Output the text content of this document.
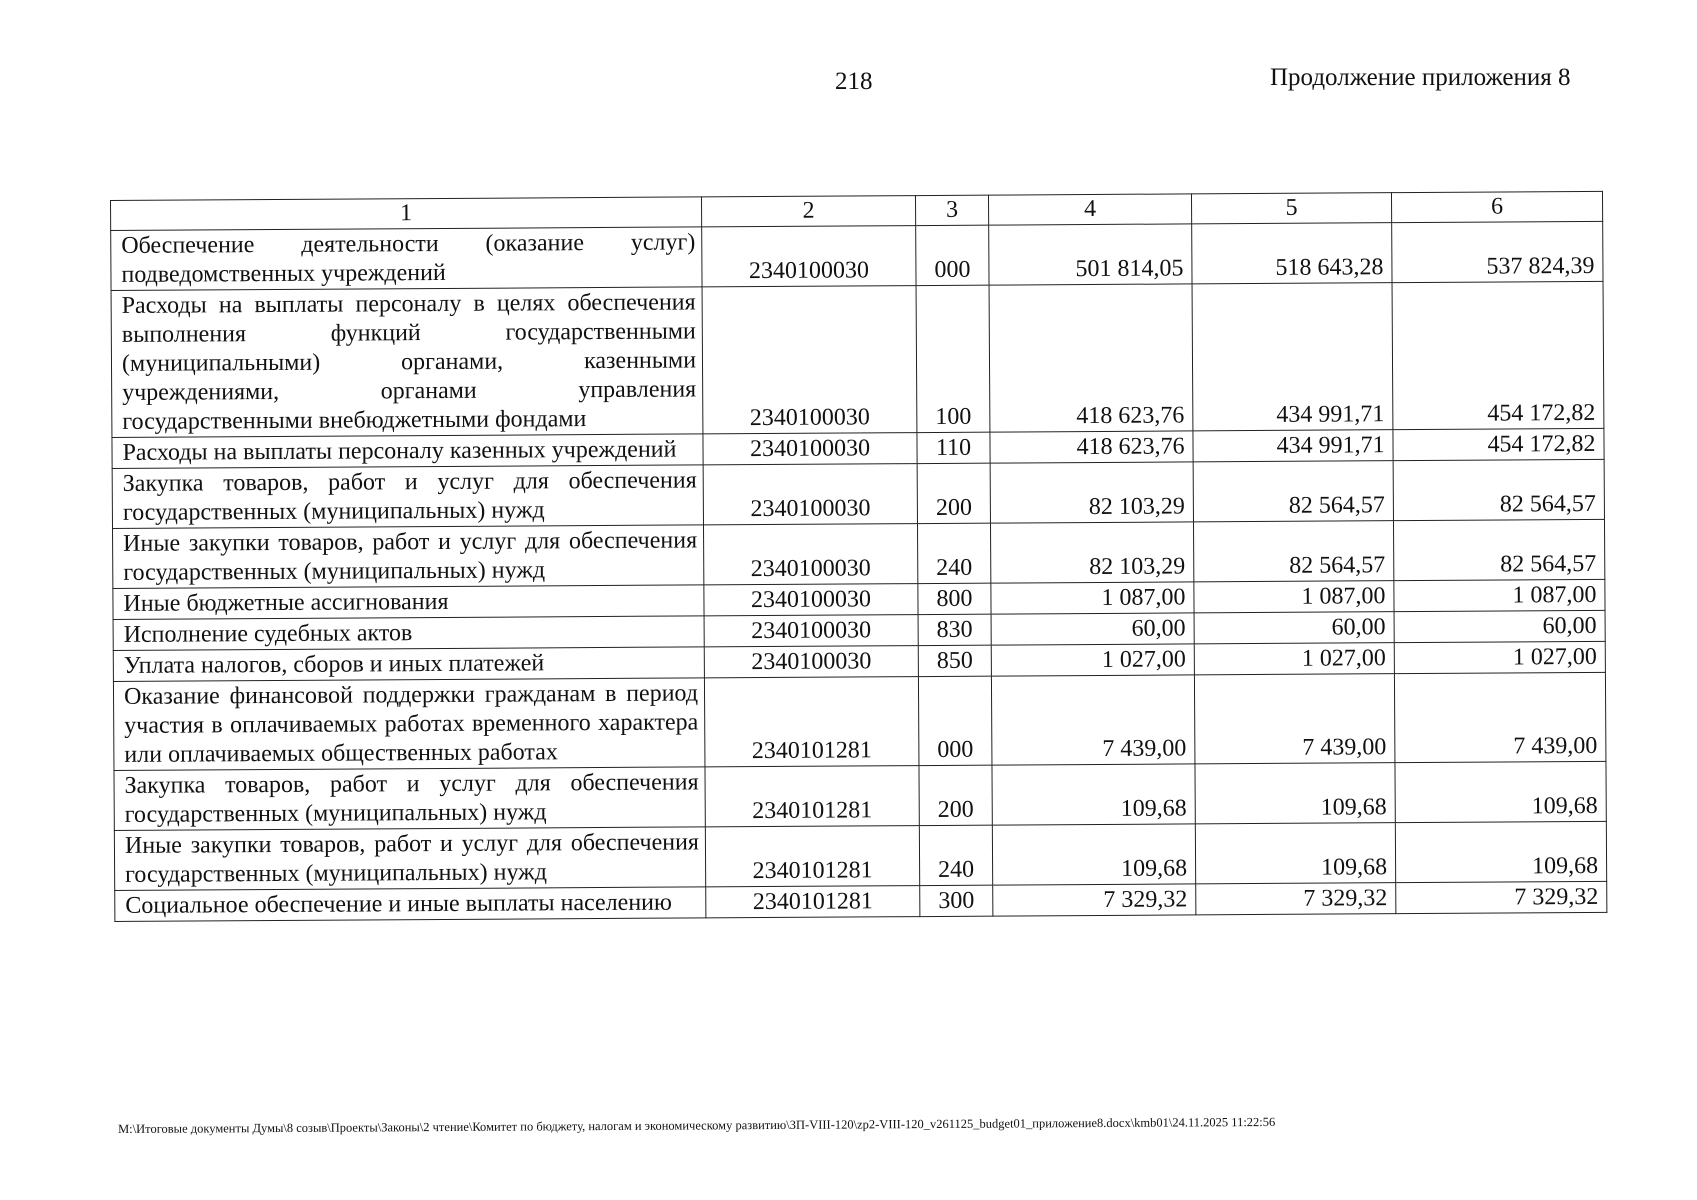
218	Продолжение приложения 8
1	2	3	4	5	6
Обеспечение деятельности (оказание услуг) подведомственных учреждений	2340100030	000	501 814,05	518 643,28	537 824,39
Расходы на выплаты персоналу в целях обеспечения выполнения функций государственными (муниципальными) органами, казенными учреждениями, органами управления государственными внебюджетными фондами	2340100030	100	418 623,76	434 991,71	454 172,82
Расходы на выплаты персоналу казенных учреждений	2340100030	110	418 623,76	434 991,71	454 172,82
Закупка товаров, работ и услуг для обеспечения государственных (муниципальных) нужд	2340100030	200	82 103,29	82 564,57	82 564,57
Иные закупки товаров, работ и услуг для обеспечения государственных (муниципальных) нужд	2340100030	240	82 103,29	82 564,57	82 564,57
Иные бюджетные ассигнования	2340100030	800	1 087,00	1 087,00	1 087,00
Исполнение судебных актов	2340100030	830	60,00	60,00	60,00
Уплата налогов, сборов и иных платежей	2340100030	850	1 027,00	1 027,00	1 027,00
Оказание финансовой поддержки гражданам в период участия в оплачиваемых работах временного характера или оплачиваемых общественных работах	2340101281	000	7 439,00	7 439,00	7 439,00
Закупка товаров, работ и услуг для обеспечения государственных (муниципальных) нужд	2340101281	200	109,68	109,68	109,68
Иные закупки товаров, работ и услуг для обеспечения государственных (муниципальных) нужд	2340101281	240	109,68	109,68	109,68
Социальное обеспечение и иные выплаты населению	2340101281	300	7 329,32	7 329,32	7 329,32
M:\Итоговые документы Думы\8 созыв\Проекты\Законы\2 чтение\Комитет по бюджету, налогам и экономическому развитию\ЗП-VIII-120\zp2-VIII-120_v261125_budget01_приложение8.docx\kmb01\24.11.2025 11:22:56
